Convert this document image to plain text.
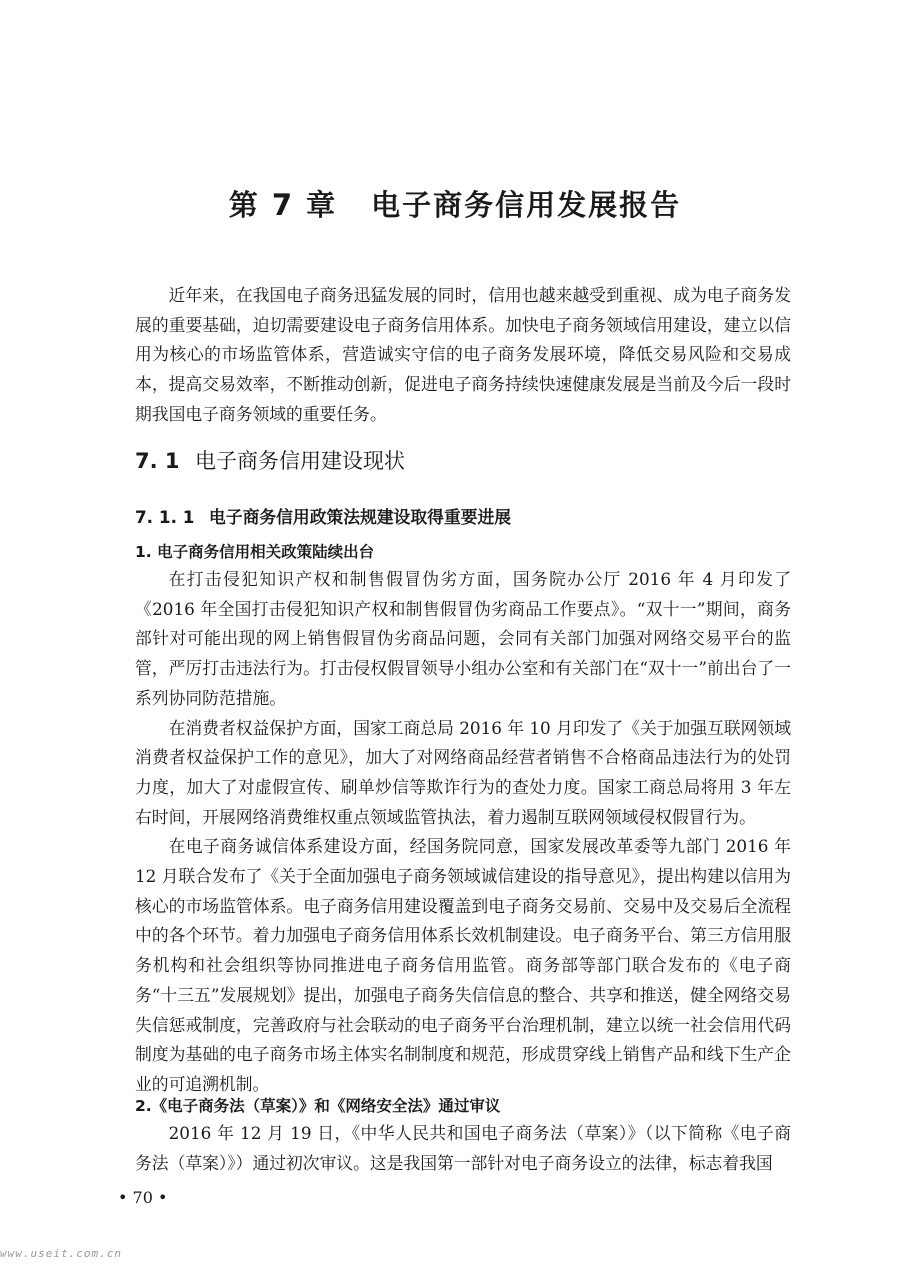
第 7 章 电子商务信用发展报告

近年来，在我国电子商务迅猛发展的同时，信用也越来越受到重视、成为电子商务发展的重要基础，迫切需要建设电子商务信用体系。加快电子商务领域信用建设，建立以信用为核心的市场监管体系，营造诚实守信的电子商务发展环境，降低交易风险和交易成本，提高交易效率，不断推动创新，促进电子商务持续快速健康发展是当前及今后一段时期我国电子商务领域的重要任务。

7. 1 电子商务信用建设现状
7. 1. 1 电子商务信用政策法规建设取得重要进展
1. 电子商务信用相关政策陆续出台

在打击侵犯知识产权和制售假冒伪劣方面，国务院办公厅 2016 年 4 月印发了《2016 年全国打击侵犯知识产权和制售假冒伪劣商品工作要点》。“双十一”期间，商务部针对可能出现的网上销售假冒伪劣商品问题，会同有关部门加强对网络交易平台的监管，严厉打击违法行为。打击侵权假冒领导小组办公室和有关部门在“双十一”前出台了一系列协同防范措施。

在消费者权益保护方面，国家工商总局 2016 年 10 月印发了《关于加强互联网领域消费者权益保护工作的意见》，加大了对网络商品经营者销售不合格商品违法行为的处罚力度，加大了对虚假宣传、刷单炒信等欺诈行为的查处力度。国家工商总局将用 3 年左右时间，开展网络消费维权重点领域监管执法，着力遏制互联网领域侵权假冒行为。

在电子商务诚信体系建设方面，经国务院同意，国家发展改革委等九部门 2016 年 12 月联合发布了《关于全面加强电子商务领域诚信建设的指导意见》，提出构建以信用为核心的市场监管体系。电子商务信用建设覆盖到电子商务交易前、交易中及交易后全流程中的各个环节。着力加强电子商务信用体系长效机制建设。电子商务平台、第三方信用服务机构和社会组织等协同推进电子商务信用监管。商务部等部门联合发布的《电子商务“十三五”发展规划》提出，加强电子商务失信信息的整合、共享和推送，健全网络交易失信惩戒制度，完善政府与社会联动的电子商务平台治理机制，建立以统一社会信用代码制度为基础的电子商务市场主体实名制制度和规范，形成贯穿线上销售产品和线下生产企业的可追溯机制。

2.《电子商务法（草案）》和《网络安全法》通过审议

2016 年 12 月 19 日，《中华人民共和国电子商务法（草案）》（以下简称《电子商务法（草案）》）通过初次审议。这是我国第一部针对电子商务设立的法律，标志着我国

• 70 •
www.useit.com.cn
